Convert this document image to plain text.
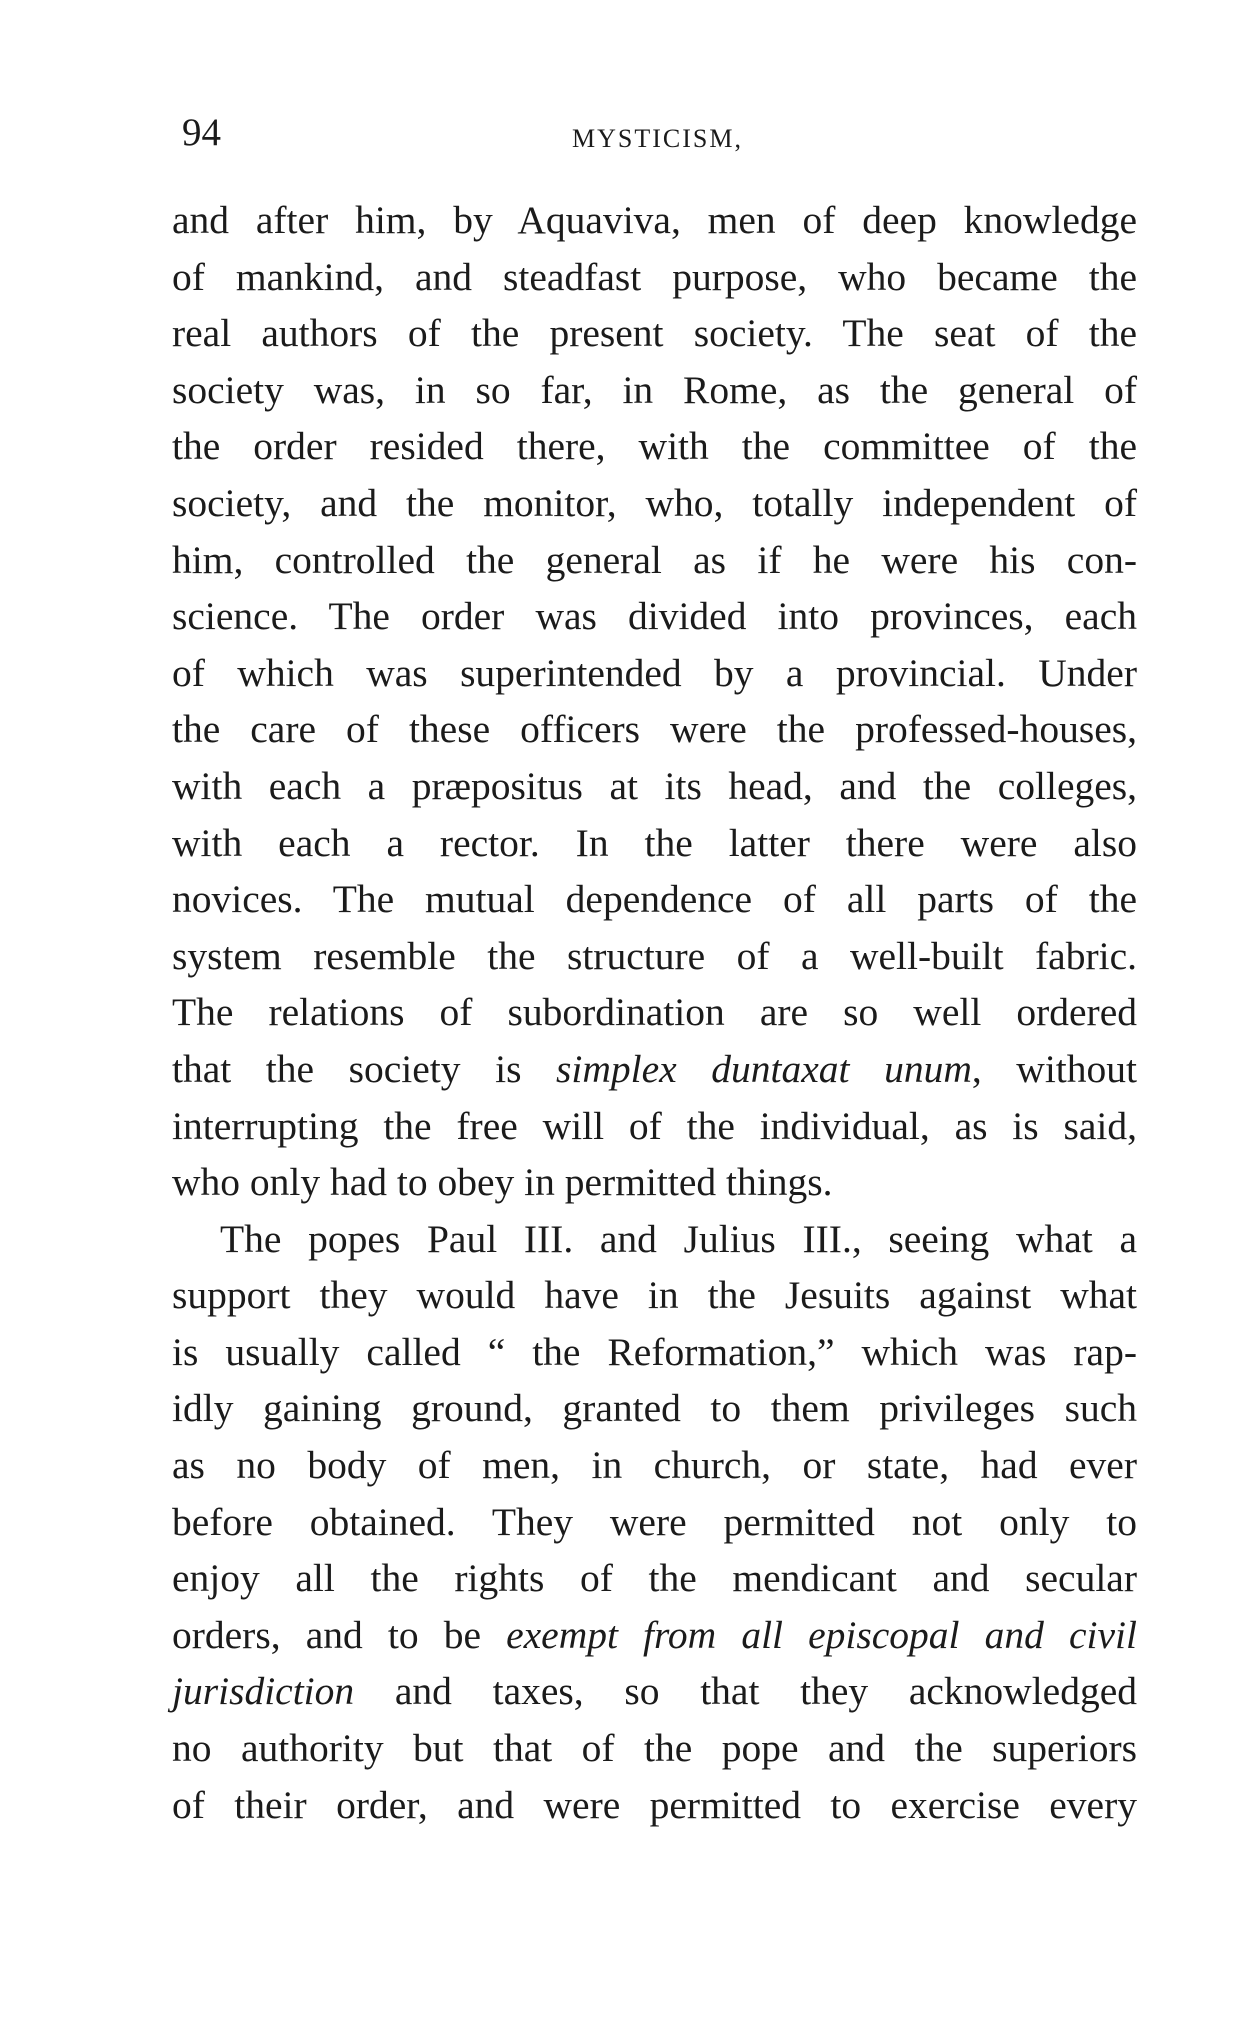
94	MYSTICISM,
and after him, by Aquaviva, men of deep knowledge
of mankind, and steadfast purpose, who became the
real authors of the present society. The seat of the
society was, in so far, in Rome, as the general of
the order resided there, with the committee of the
society, and the monitor, who, totally independent of
him, controlled the general as if he were his con-
science. The order was divided into provinces, each
of which was superintended by a provincial. Under
the care of these officers were the professed-houses,
with each a præpositus at its head, and the colleges,
with each a rector. In the latter there were also
novices. The mutual dependence of all parts of the
system resemble the structure of a well-built fabric.
The relations of subordination are so well ordered
that the society is simplex duntaxat unum, without
interrupting the free will of the individual, as is said,
who only had to obey in permitted things.
The popes Paul III. and Julius III., seeing what a
support they would have in the Jesuits against what
is usually called “ the Reformation,” which was rap-
idly gaining ground, granted to them privileges such
as no body of men, in church, or state, had ever
before obtained. They were permitted not only to
enjoy all the rights of the mendicant and secular
orders, and to be exempt from all episcopal and civil
jurisdiction and taxes, so that they acknowledged
no authority but that of the pope and the superiors
of their order, and were permitted to exercise every
